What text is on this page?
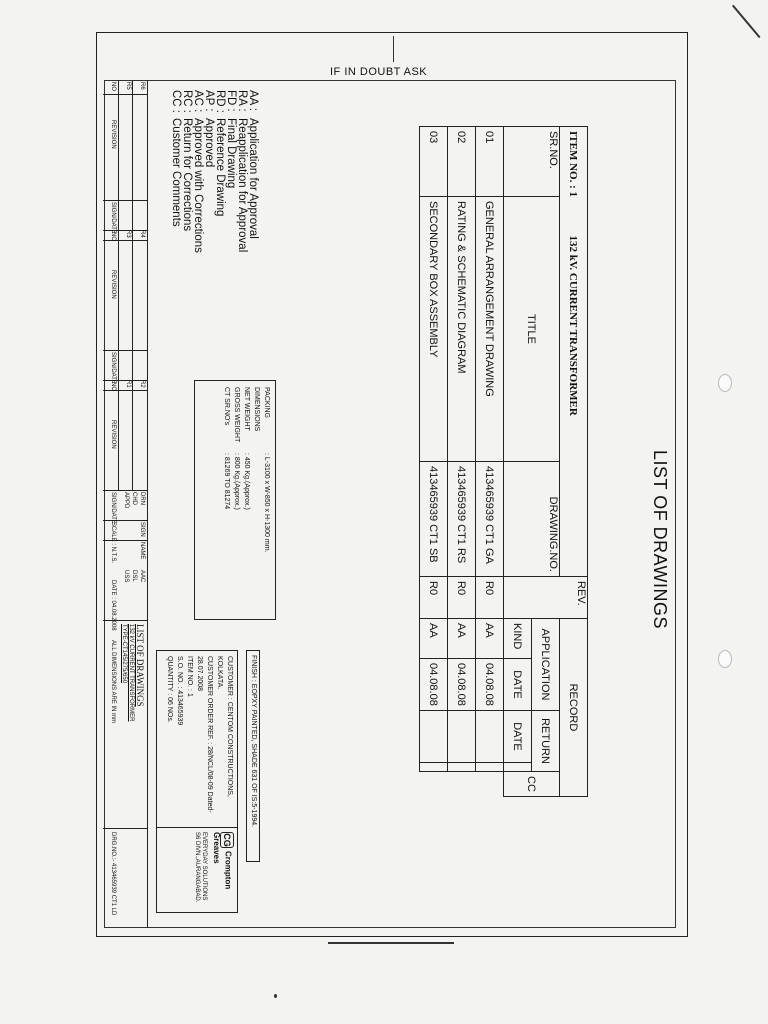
IF IN DOUBT ASK
LIST OF DRAWINGS
ITEM NO. : 1              132 kV. CURRENT TRANSFORMER			REV.	RECORD				
SR.NO.	TITLE	DRAWING.NO.		APPLICATION		RETURN		CC
				KIND	DATE	DATE	
01	GENERAL ARRANGEMENT DRAWING	413465939 CT1 GA	R0	AA	04.08.08			
02	RATING & SCHEMATIC DIAGRAM	413465939 CT1 RS	R0	AA	04.08.08			
03	SECONDARY BOX ASSEMBLY	413465939 CT1 SB	R0	AA	04.08.08			
AA :
Application for Approval
RA :
Reapplication for Approval
FD :
Final Drawing
RD :
Reference Drawing
AP :
Approved
AC :
Approved with Corrections
RC :
Return for Corrections
CC :
Customer Comments
PACKING DIMENSIONS
: L-3100 x W-850 x H-1300 mm.
NET WEIGHT
: 450 Kg.(Approx.)
GROSS WEIGHT
: 800 Kg.(Approx.)
CT SR.NO's
: 81269 TO 81274
FINISH : EOPXY PAINTED, SHADE 631 OF IS:5-1994.
CUSTOMER : CENTOM CONSTRUCTIONS, KOLKATA.
CUSTOMER ORDER REF. : 28/NCL/08-09 Dated-28.07.2008
ITEM NO. : 1
S.O. NO. : 413465939
QUANTITY : 06 NOs.
CGCrompton Greaves
EVERYDAY SOLUTIONS
S6 DIVN.,AURANGABAD.
R6
R5
NO
REVISION
SIGN/DATE	R4
R3
NO
REVISION
SIGN/DATE	R2
R1
NO
REVISION
SIGN/DATE	DRN
CHD
APPD
SIGN
NAME
AAC
DSL
USS
SCALE : N.T.S.
DATE : 04.08.2008
LIST OF DRAWINGS
132 kV CURRENT TRANSFORMER
TYPE-CT145/275/650
ALL DIMENSIONS ARE IN mm
DRG.NO.:- 413465939 CT1 LD
